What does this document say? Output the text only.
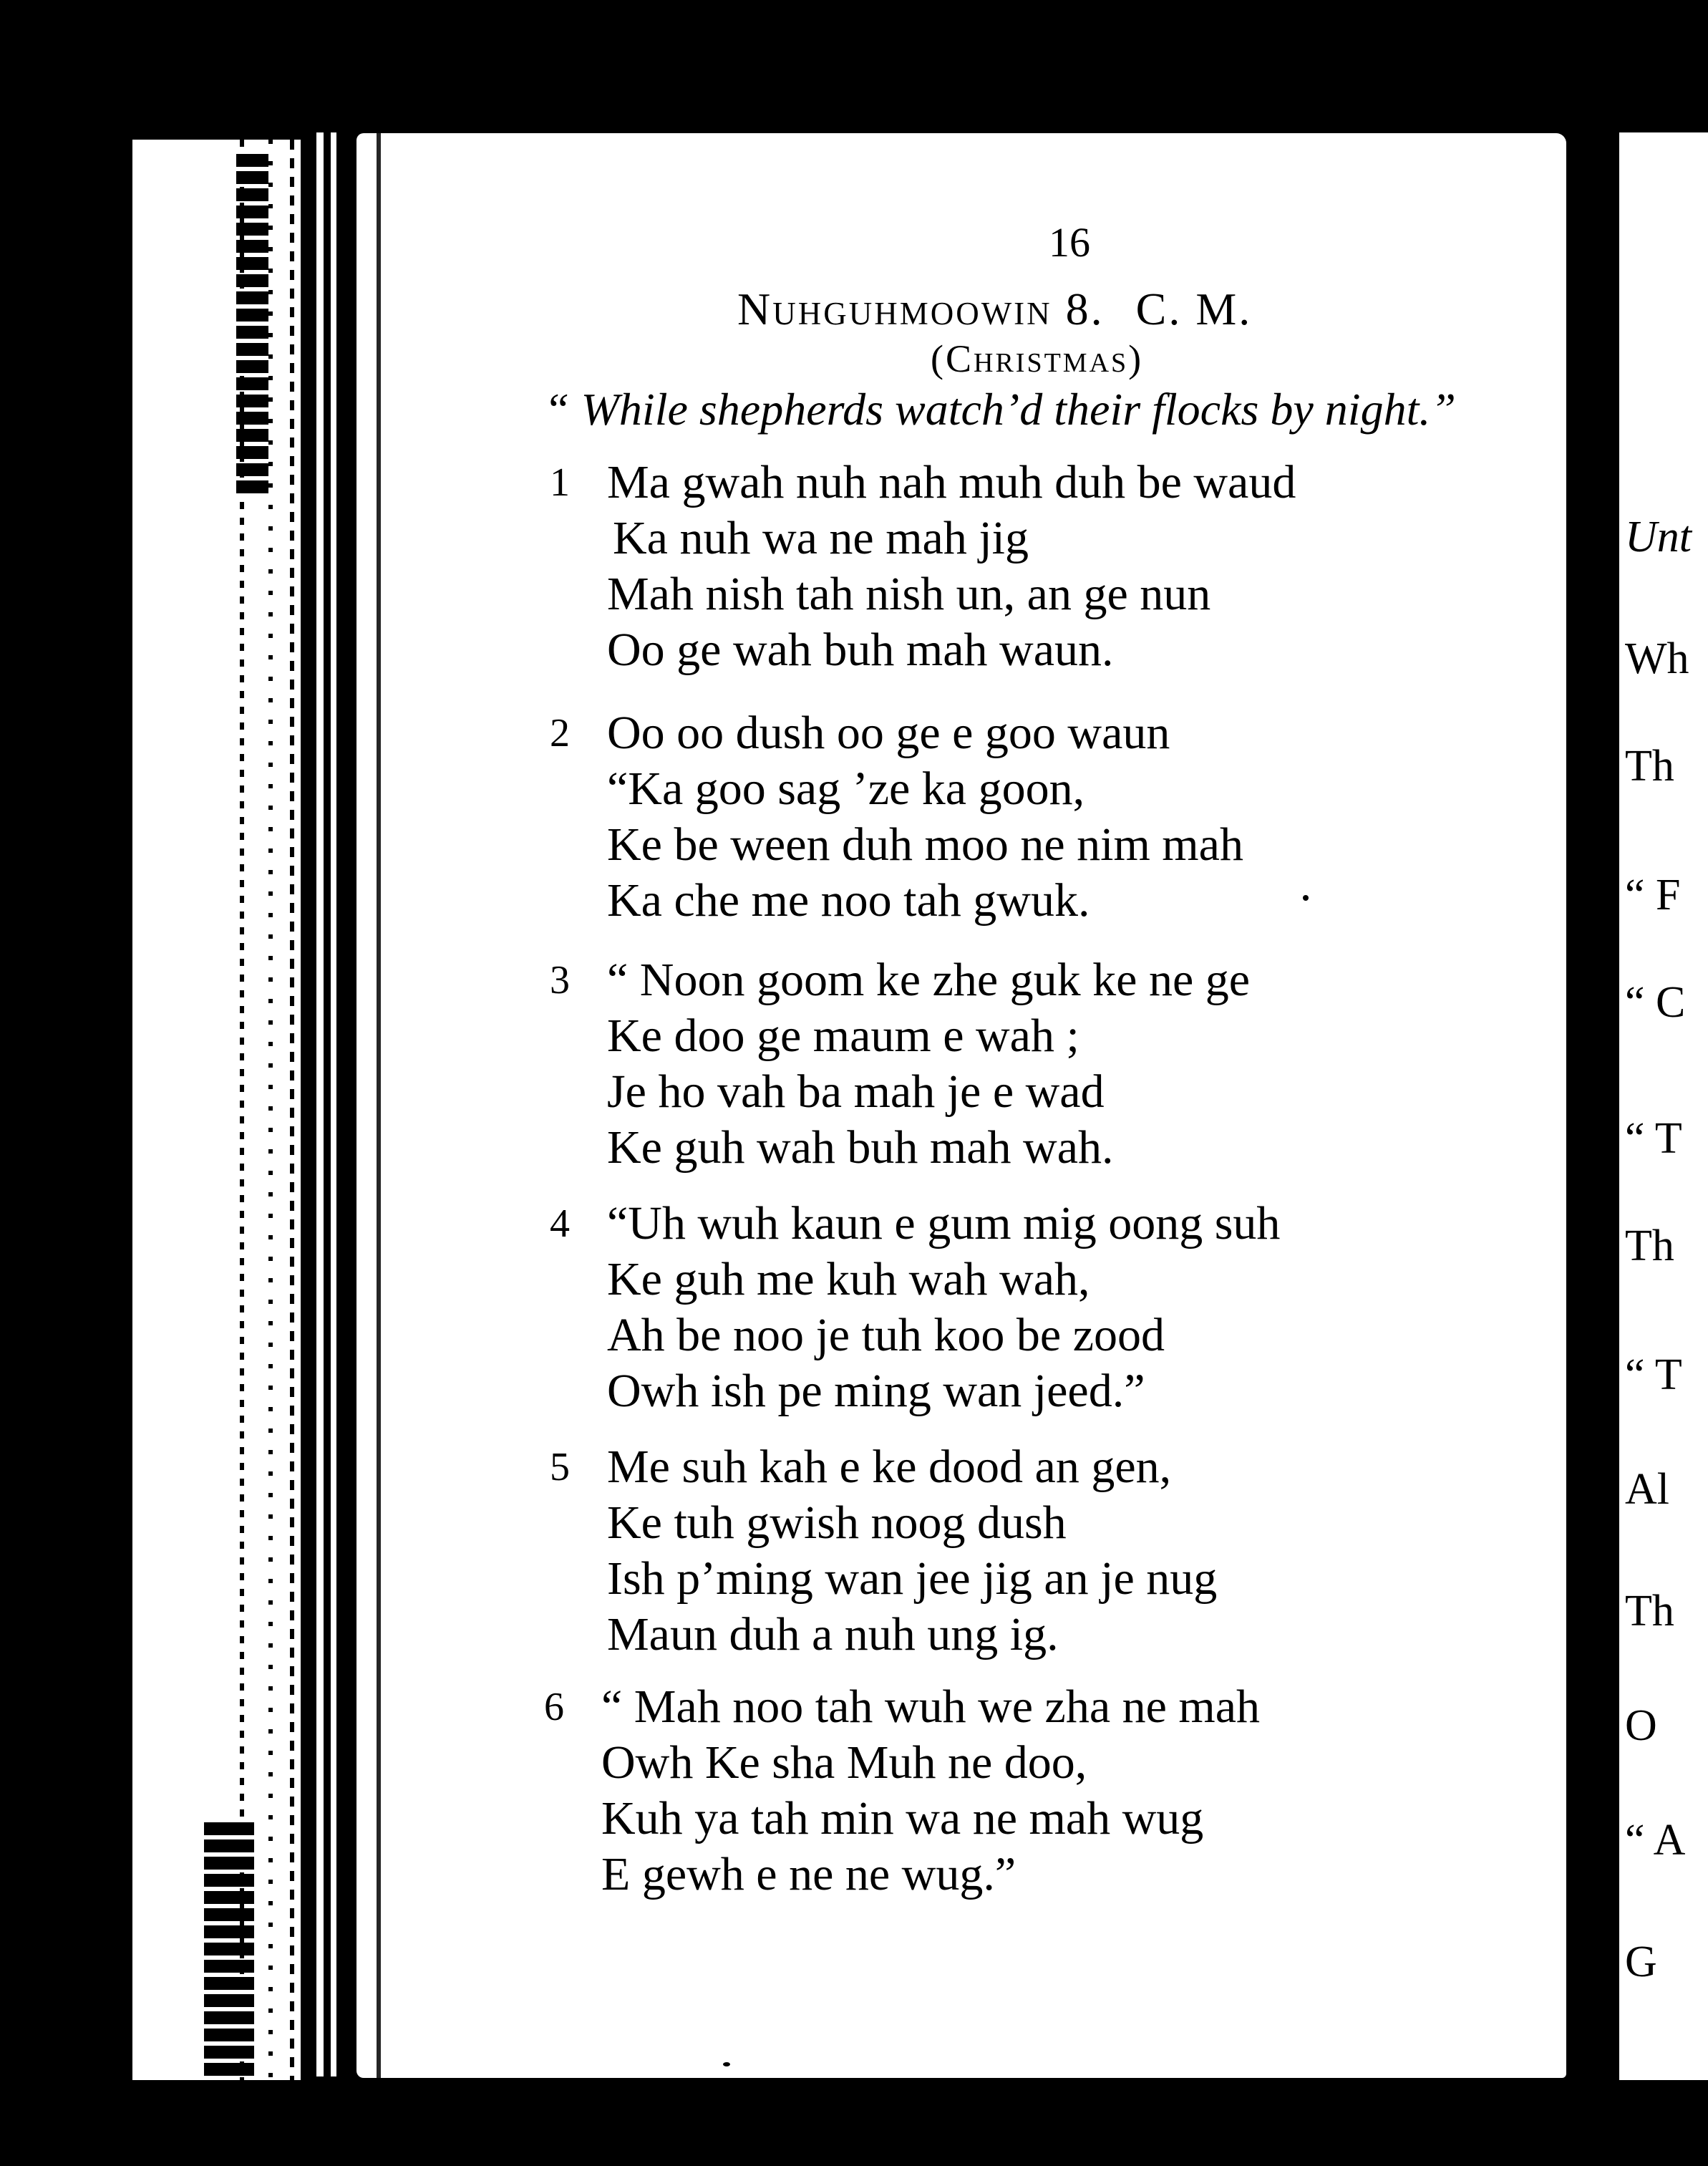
Unt
Wh
Th
“ F
“ C
“ T
Th
“ T
Al
Th
O
“ A
G
16
Nuhguhmoowin 8. C. M.
(Christmas)
“ While shepherds watch’d their flocks by night.”
1 Ma gwah nuh nah muh duh be waud
Ka nuh wa ne mah jig
Mah nish tah nish un, an ge nun
Oo ge wah buh mah waun.
2 Oo oo dush oo ge e goo waun
“Ka goo sag ’ze ka goon,
Ke be ween duh moo ne nim mah
Ka che me noo tah gwuk.
3 “ Noon goom ke zhe guk ke ne ge
Ke doo ge maum e wah ;
Je ho vah ba mah je e wad
Ke guh wah buh mah wah.
4 “Uh wuh kaun e gum mig oong suh
Ke guh me kuh wah wah,
Ah be noo je tuh koo be zood
Owh ish pe ming wan jeed.”
5 Me suh kah e ke dood an gen,
Ke tuh gwish noog dush
Ish p’ming wan jee jig an je nug
Maun duh a nuh ung ig.
6 “ Mah noo tah wuh we zha ne mah
Owh Ke sha Muh ne doo,
Kuh ya tah min wa ne mah wug
E gewh e ne ne wug.”
